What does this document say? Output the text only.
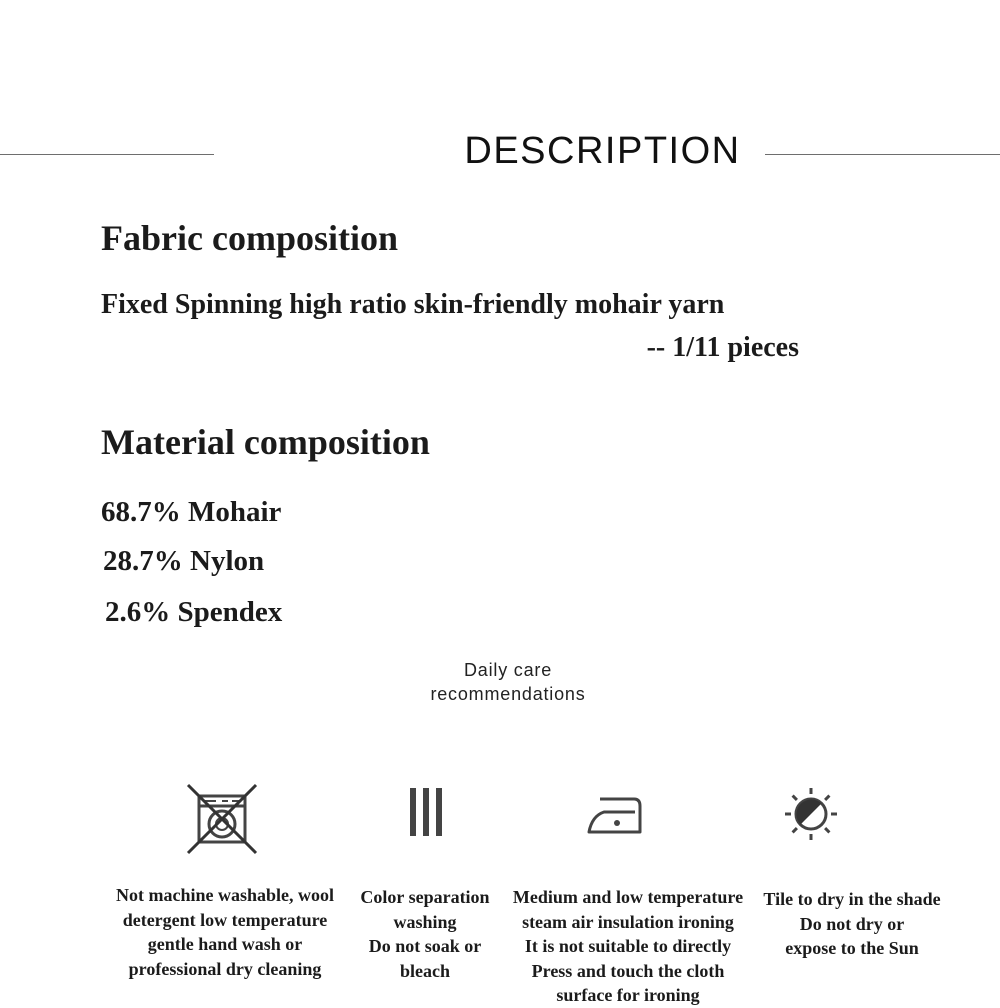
DESCRIPTION
Fabric composition
Fixed Spinning high ratio skin-friendly mohair yarn
-- 1/11 pieces
Material composition
68.7% Mohair
28.7% Nylon
2.6% Spendex
Daily care
recommendations
Not machine washable, wool
detergent low temperature
gentle hand wash or
professional dry cleaning
Color separation
washing
Do not soak or
bleach
Medium and low temperature
steam air insulation ironing
It is not suitable to directly
Press and touch the cloth
surface for ironing
Tile to dry in the shade
Do not dry or
expose to the Sun
